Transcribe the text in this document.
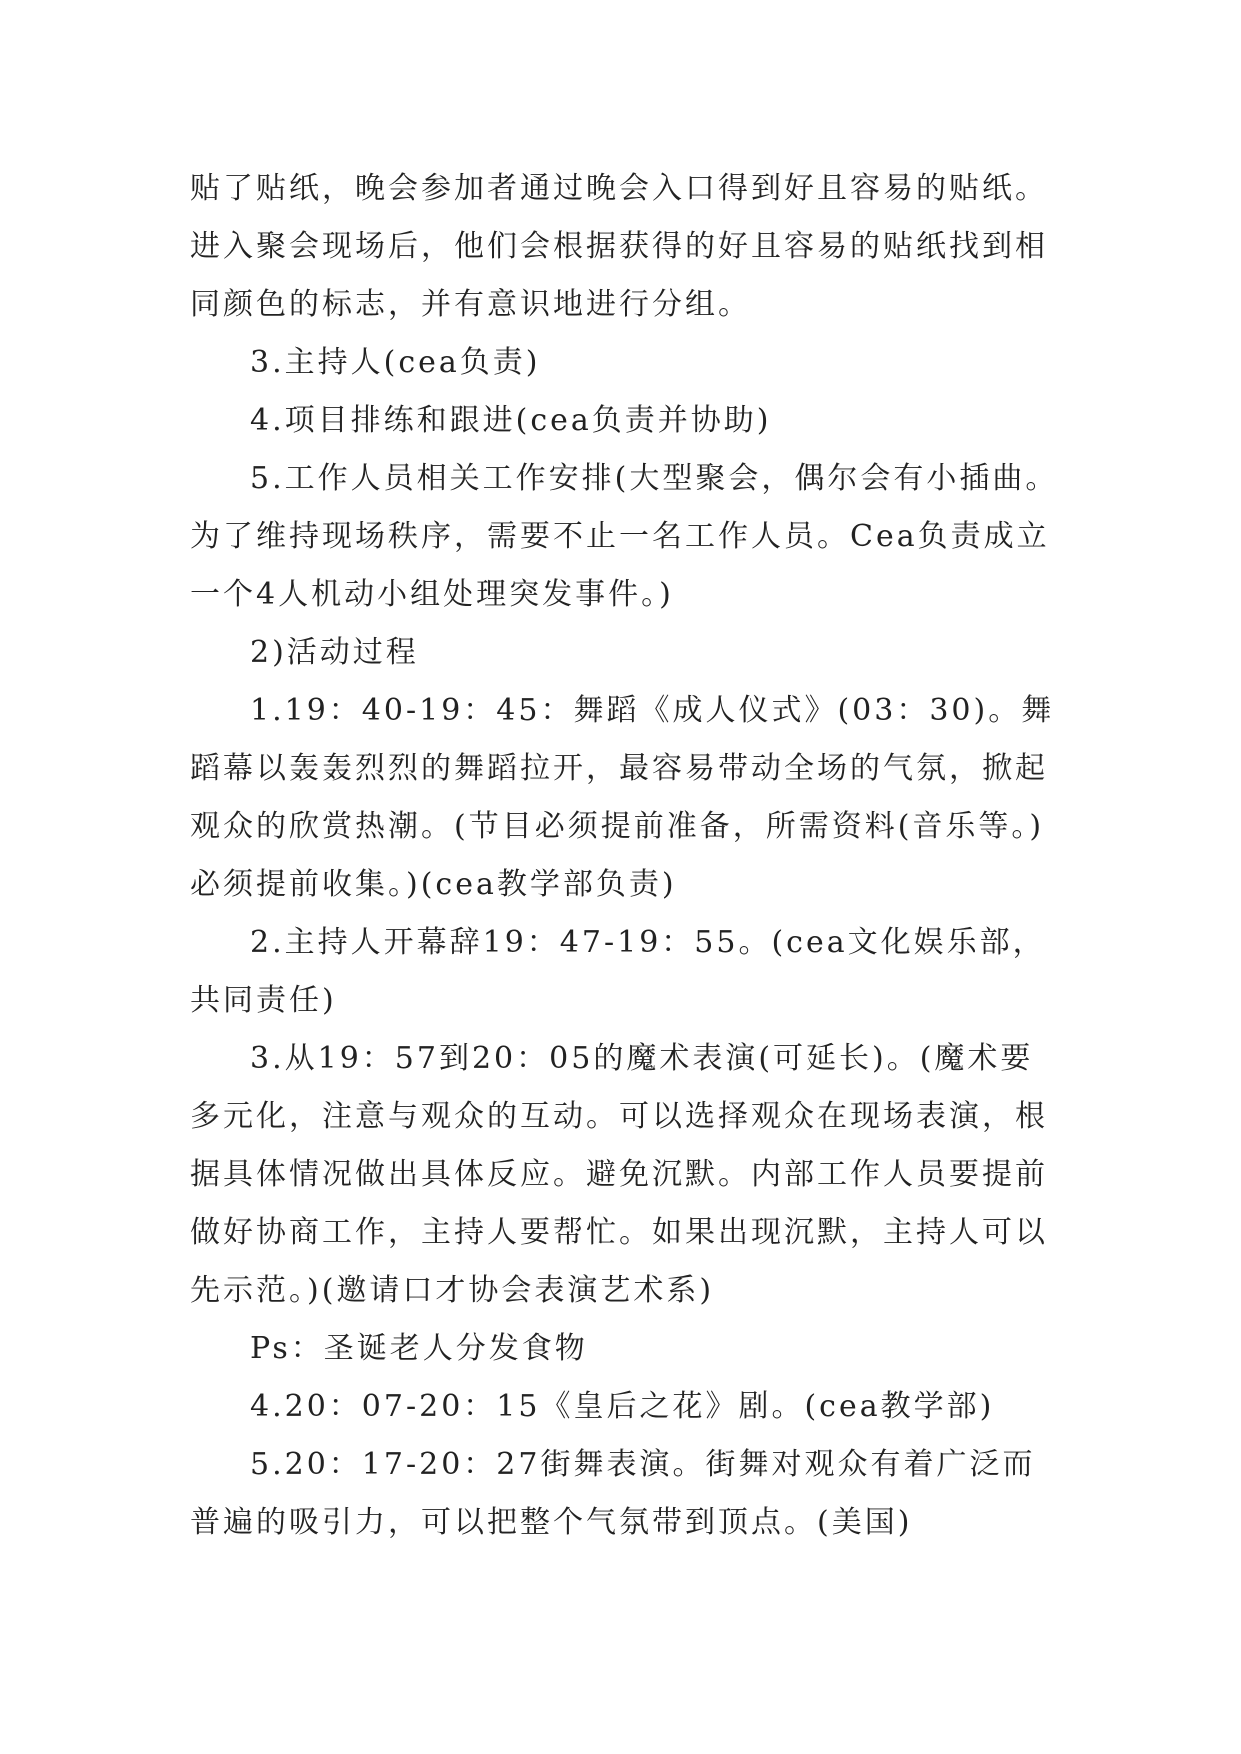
贴了贴纸，晚会参加者通过晚会入口得到好且容易的贴纸。进入聚会现场后，他们会根据获得的好且容易的贴纸找到相同颜色的标志，并有意识地进行分组。

3.主持人(cea负责)

4.项目排练和跟进(cea负责并协助)

5.工作人员相关工作安排(大型聚会，偶尔会有小插曲。为了维持现场秩序，需要不止一名工作人员。Cea负责成立一个4人机动小组处理突发事件。)

2)活动过程

1.19：40-19：45：舞蹈《成人仪式》(03：30)。舞蹈幕以轰轰烈烈的舞蹈拉开，最容易带动全场的气氛，掀起观众的欣赏热潮。(节目必须提前准备，所需资料(音乐等。)必须提前收集。)(cea教学部负责)

2.主持人开幕辞19：47-19：55。(cea文化娱乐部，共同责任)

3.从19：57到20：05的魔术表演(可延长)。(魔术要多元化，注意与观众的互动。可以选择观众在现场表演，根据具体情况做出具体反应。避免沉默。内部工作人员要提前做好协商工作，主持人要帮忙。如果出现沉默，主持人可以先示范。)(邀请口才协会表演艺术系)

Ps：圣诞老人分发食物

4.20：07-20：15《皇后之花》剧。(cea教学部)

5.20：17-20：27街舞表演。街舞对观众有着广泛而普遍的吸引力，可以把整个气氛带到顶点。(美国)
